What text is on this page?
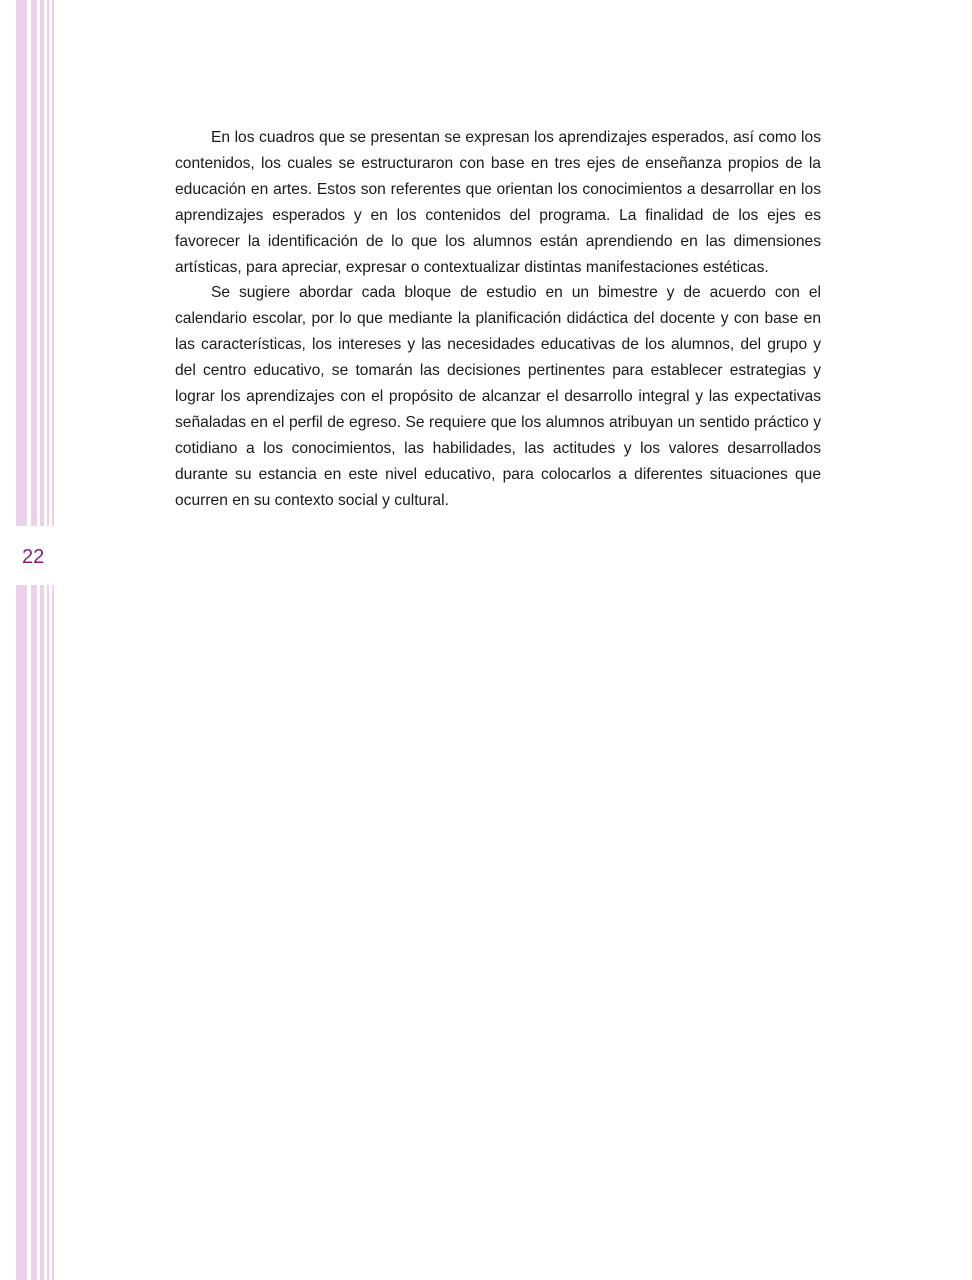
22

En los cuadros que se presentan se expresan los aprendizajes esperados, así como los contenidos, los cuales se estructuraron con base en tres ejes de enseñanza propios de la educación en artes. Estos son referentes que orientan los conocimientos a desarrollar en los aprendizajes esperados y en los contenidos del programa. La finalidad de los ejes es favorecer la identificación de lo que los alumnos están aprendiendo en las dimensiones artísticas, para apreciar, expresar o contextualizar distintas manifestaciones estéticas.

Se sugiere abordar cada bloque de estudio en un bimestre y de acuerdo con el calendario escolar, por lo que mediante la planificación didáctica del docente y con base en las características, los intereses y las necesidades educativas de los alumnos, del grupo y del centro educativo, se tomarán las decisiones pertinentes para establecer estrategias y lograr los aprendizajes con el propósito de alcanzar el desarrollo integral y las expectativas señaladas en el perfil de egreso. Se requiere que los alumnos atribuyan un sentido práctico y cotidiano a los conocimientos, las habilidades, las actitudes y los valores desarrollados durante su estancia en este nivel educativo, para colocarlos a diferentes situaciones que ocurren en su contexto social y cultural.
